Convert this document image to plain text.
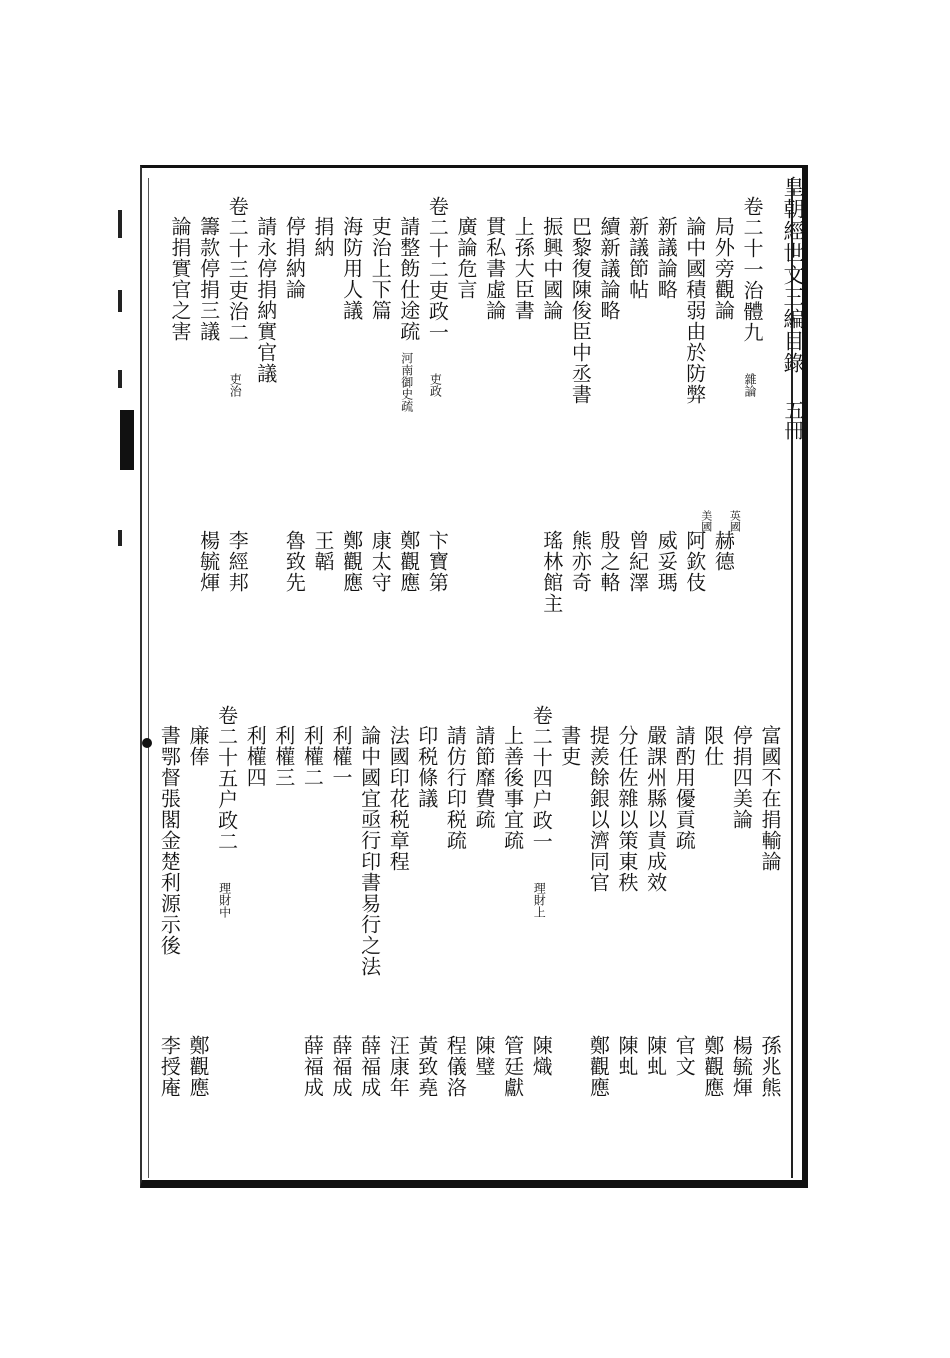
皇朝經世文三編目錄
五冊
卷二十一治體九
雜論
局外旁觀論
英國
赫德
論中國積弱由於防弊
美國
阿欽伎
新議論略
威妥瑪
新議節帖
曾紀澤
續新議論略
殷之輅
巴黎復陳俊臣中丞書
熊亦奇
振興中國論
瑤林館主
上孫大臣書
貫私書虛論
廣論危言
卷二十二吏政一
吏政
卞寶第
請整飭仕途疏
河南御史疏
鄭觀應
吏治上下篇
康太守
海防用人議
鄭觀應
捐納
王韜
停捐納論
魯致先
請永停捐納實官議
卷二十三吏治二
吏治
李經邦
籌款停捐三議
楊毓煇
論捐實官之害
富國不在捐輸論
孫兆熊
停捐四美論
楊毓煇
限仕
鄭觀應
請酌用優貢疏
官文
嚴課州縣以責成效
陳虬
分任佐雜以策東秩
陳虬
提羨餘銀以濟同官
鄭觀應
書吏
卷二十四户政一
理財上
陳熾
上善後事宜疏
管廷獻
請節靡費疏
陳璧
請仿行印税疏
程儀洛
印税條議
黃致堯
法國印花税章程
汪康年
論中國宜亟行印書易行之法
薛福成
利權一
薛福成
利權二
薛福成
利權三
利權四
卷二十五户政二
理財中
廉俸
鄭觀應
書鄂督張閣金楚利源示後
李授庵
